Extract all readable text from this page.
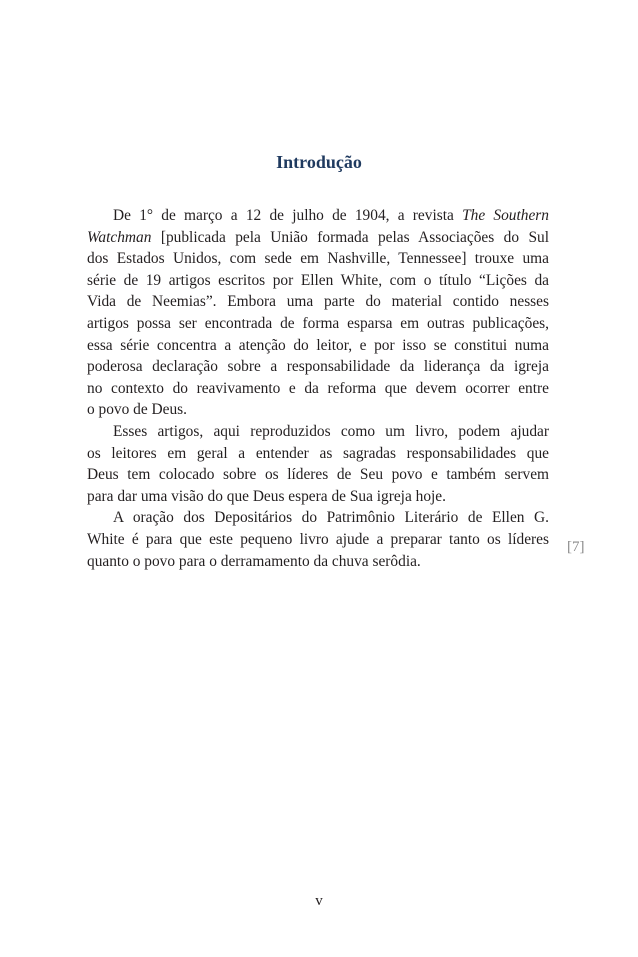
Introdução

De 1° de março a 12 de julho de 1904, a revista The Southern
Watchman [publicada pela União formada pelas Associações do Sul
dos Estados Unidos, com sede em Nashville, Tennessee] trouxe uma
série de 19 artigos escritos por Ellen White, com o título “Lições da
Vida de Neemias”. Embora uma parte do material contido nesses
artigos possa ser encontrada de forma esparsa em outras publicações,
essa série concentra a atenção do leitor, e por isso se constitui numa
poderosa declaração sobre a responsabilidade da liderança da igreja
no contexto do reavivamento e da reforma que devem ocorrer entre
o povo de Deus.

Esses artigos, aqui reproduzidos como um livro, podem ajudar
os leitores em geral a entender as sagradas responsabilidades que
Deus tem colocado sobre os líderes de Seu povo e também servem
para dar uma visão do que Deus espera de Sua igreja hoje.

A oração dos Depositários do Patrimônio Literário de Ellen G.
White é para que este pequeno livro ajude a preparar tanto os líderes
quanto o povo para o derramamento da chuva serôdia.

[7]
v
